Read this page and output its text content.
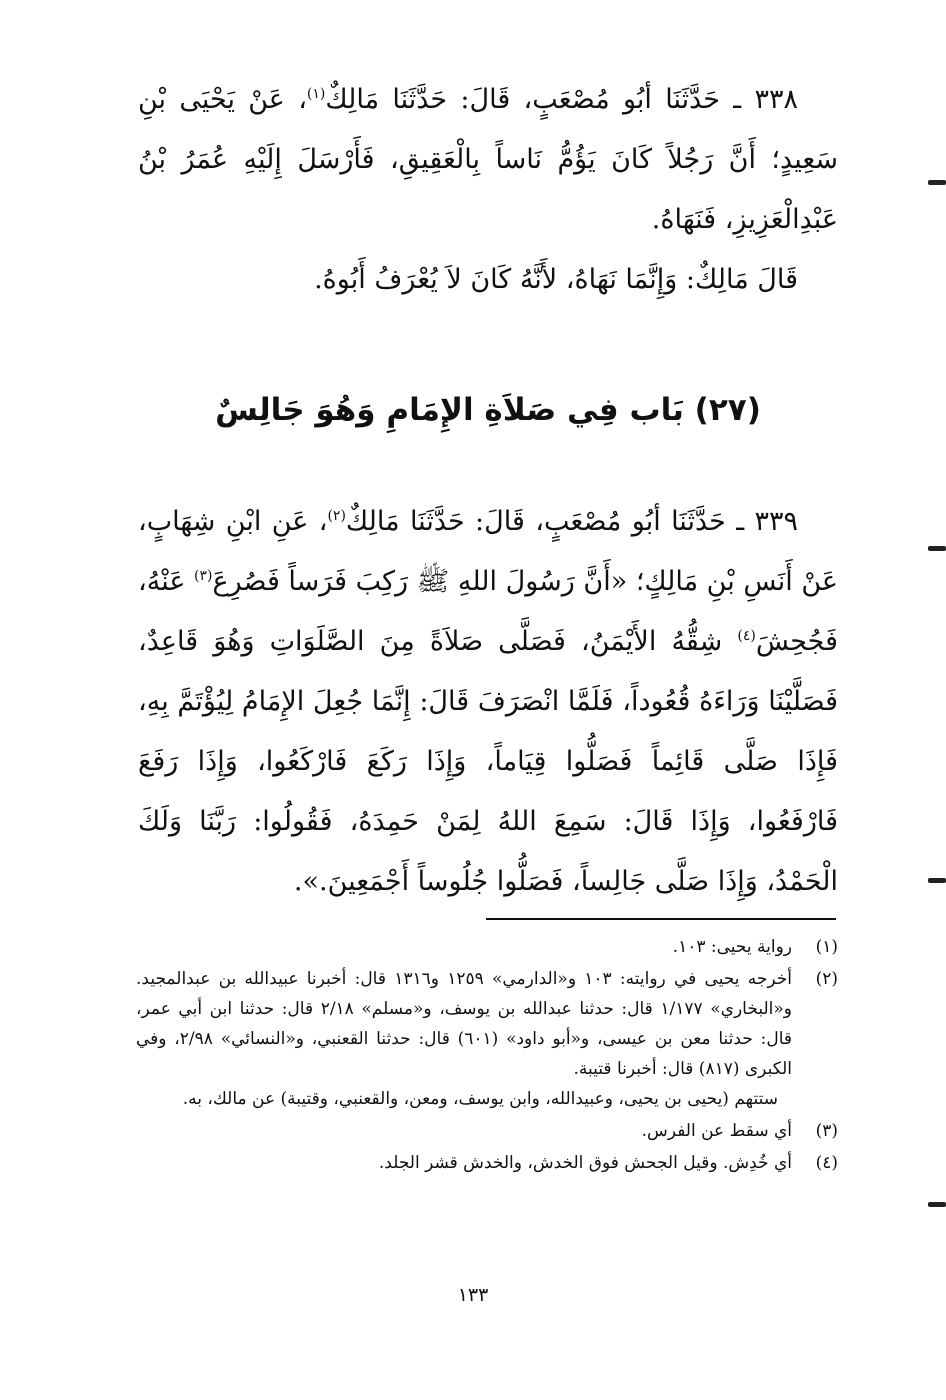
٣٣٨ ـ حَدَّثَنَا أبُو مُصْعَبٍ، قَالَ: حَدَّثَنَا مَالِكٌ$^{(١)}$، عَنْ يَحْيَى بْنِ سَعِيدٍ؛ أَنَّ رَجُلاً كَانَ يَؤُمُّ نَاساً بِالْعَقِيقِ، فَأَرْسَلَ إِلَيْهِ عُمَرُ بْنُ عَبْدِالْعَزِيزِ، فَنَهَاهُ.

قَالَ مَالِكٌ: وَإِنَّمَا نَهَاهُ، لأَنَّهُ كَانَ لاَ يُعْرَفُ أَبُوهُ.

(٢٧) بَاب فِي صَلاَةِ الإِمَامِ وَهُوَ جَالِسٌ

٣٣٩ ـ حَدَّثَنَا أبُو مُصْعَبٍ، قَالَ: حَدَّثَنَا مَالِكٌ$^{(٢)}$، عَنِ ابْنِ شِهَابٍ، عَنْ أَنَسِ بْنِ مَالِكٍ؛ «أَنَّ رَسُولَ اللهِ ﷺ رَكِبَ فَرَساً فَصُرِعَ$^{(٣)}$ عَنْهُ، فَجُحِشَ$^{(٤)}$ شِقُّهُ الأَيْمَنُ، فَصَلَّى صَلاَةً مِنَ الصَّلَوَاتِ وَهُوَ قَاعِدٌ، فَصَلَّيْنَا وَرَاءَهُ قُعُوداً، فَلَمَّا انْصَرَفَ قَالَ: إِنَّمَا جُعِلَ الإِمَامُ لِيُؤْتَمَّ بِهِ، فَإِذَا صَلَّى قَائِماً فَصَلُّوا قِيَاماً، وَإِذَا رَكَعَ فَارْكَعُوا، وَإِذَا رَفَعَ فَارْفَعُوا، وَإِذَا قَالَ: سَمِعَ اللهُ لِمَنْ حَمِدَهُ، فَقُولُوا: رَبَّنَا وَلَكَ الْحَمْدُ، وَإِذَا صَلَّى جَالِساً، فَصَلُّوا جُلُوساً أَجْمَعِينَ.».

(١)

رواية يحيى: ١٠٣.

(٢)

أخرجه يحيى في روايته: ١٠٣ و«الدارمي» ١٢٥٩ و١٣١٦ قال: أخبرنا عبيدالله بن عبدالمجيد. و«البخاري» ١/١٧٧ قال: حدثنا عبدالله بن يوسف، و«مسلم» ٢/١٨ قال: حدثنا ابن أبي عمر، قال: حدثنا معن بن عيسى، و«أبو داود» (٦٠١) قال: حدثنا القعنبي، و«النسائي» ٢/٩٨، وفي الكبرى (٨١٧) قال: أخبرنا قتيبة.

ستتهم (يحيى بن يحيى، وعبيدالله، وابن يوسف، ومعن، والقعنبي، وقتيبة) عن مالك، به.

(٣)

أي سقط عن الفرس.

(٤)

أي خُدِش. وقيل الجحش فوق الخدش، والخدش قشر الجلد.

١٣٣
